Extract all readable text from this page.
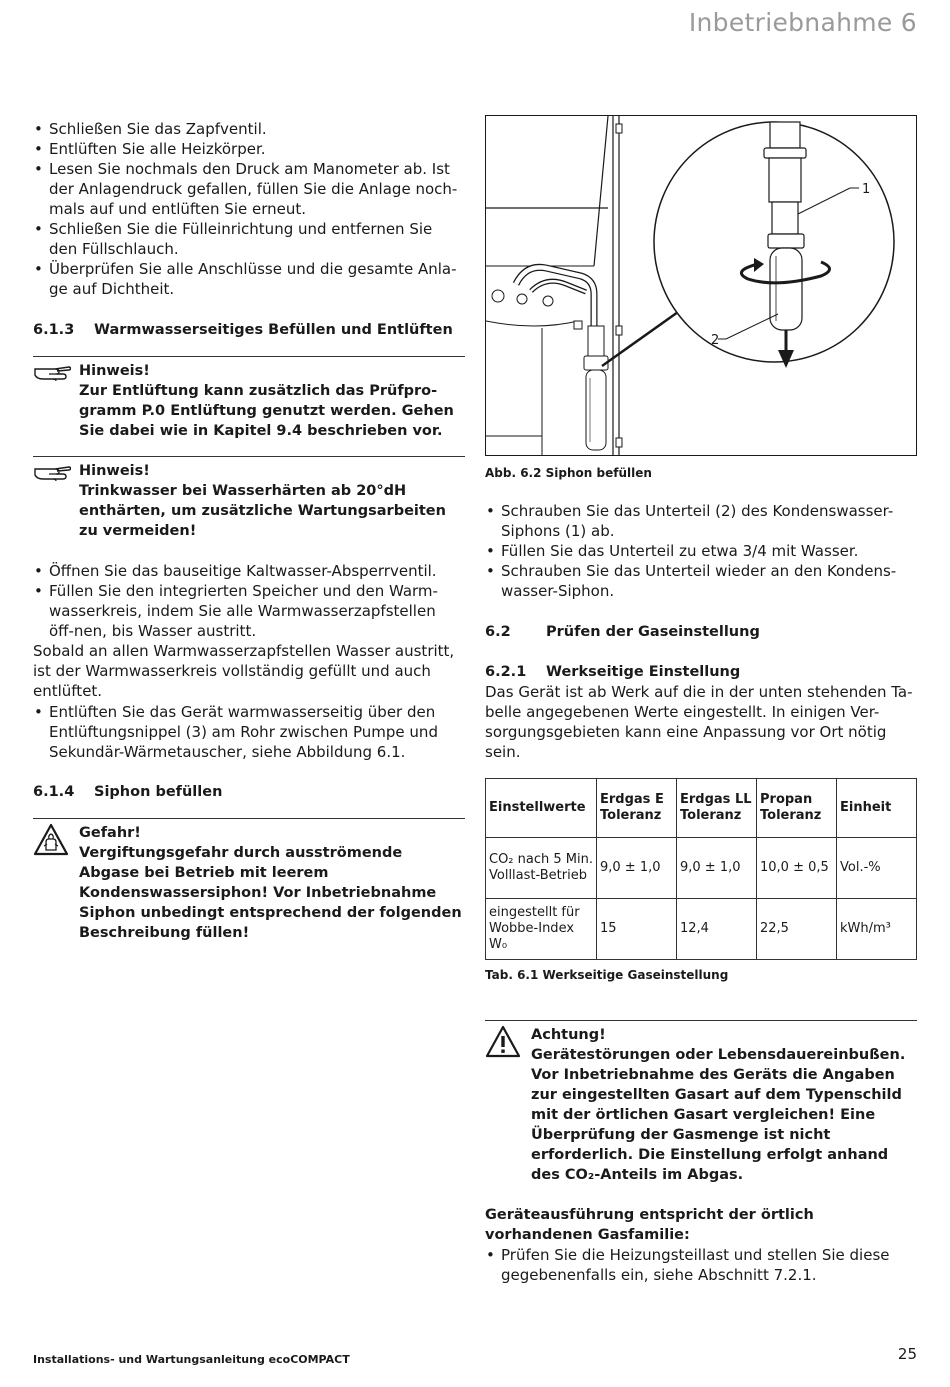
Inbetriebnahme 6
• Schließen Sie das Zapfventil.
• Entlüften Sie alle Heizkörper.
• Lesen Sie nochmals den Druck am Manometer ab. Ist der Anlagendruck gefallen, füllen Sie die Anlage noch-mals auf und entlüften Sie erneut.
• Schließen Sie die Fülleinrichtung und entfernen Sie den Füllschlauch.
• Überprüfen Sie alle Anschlüsse und die gesamte Anla-ge auf Dichtheit.
6.1.3 Warmwasserseitiges Befüllen und Entlüften
Hinweis!
Zur Entlüftung kann zusätzlich das Prüfpro-gramm P.0 Entlüftung genutzt werden. Gehen Sie dabei wie in Kapitel 9.4 beschrieben vor.
Hinweis!
Trinkwasser bei Wasserhärten ab 20°dH enthärten, um zusätzliche Wartungsarbeiten zu vermeiden!
• Öffnen Sie das bauseitige Kaltwasser-Absperrventil.
• Füllen Sie den integrierten Speicher und den Warm-wasserkreis, indem Sie alle Warmwasserzapfstellen öff-nen, bis Wasser austritt.
Sobald an allen Warmwasserzapfstellen Wasser austritt, ist der Warmwasserkreis vollständig gefüllt und auch entlüftet.
• Entlüften Sie das Gerät warmwasserseitig über den Entlüftungsnippel (3) am Rohr zwischen Pumpe und Sekundär-Wärmetauscher, siehe Abbildung 6.1.
6.1.4 Siphon befüllen
Gefahr!
Vergiftungsgefahr durch ausströmende Abgase bei Betrieb mit leerem Kondenswassersiphon! Vor Inbetriebnahme Siphon unbedingt entsprechend der folgenden Beschreibung füllen!
1
2
Abb. 6.2 Siphon befüllen
• Schrauben Sie das Unterteil (2) des Kondenswasser-Siphons (1) ab.
• Füllen Sie das Unterteil zu etwa 3/4 mit Wasser.
• Schrauben Sie das Unterteil wieder an den Kondens-wasser-Siphon.
6.2 Prüfen der Gaseinstellung
6.2.1 Werkseitige Einstellung
Das Gerät ist ab Werk auf die in der unten stehenden Ta-belle angegebenen Werte eingestellt. In einigen Ver-sorgungsgebieten kann eine Anpassung vor Ort nötig sein.
Einstellwerte	Erdgas E Toleranz	Erdgas LL Toleranz	Propan Toleranz	Einheit
CO₂ nach 5 Min. Volllast-Betrieb	9,0 ± 1,0	9,0 ± 1,0	10,0 ± 0,5	Vol.-%
eingestellt für Wobbe-Index W₀	15	12,4	22,5	kWh/m³
Tab. 6.1 Werkseitige Gaseinstellung
Achtung!
Gerätestörungen oder Lebensdauereinbußen. Vor Inbetriebnahme des Geräts die Angaben zur eingestellten Gasart auf dem Typenschild mit der örtlichen Gasart vergleichen! Eine Überprüfung der Gasmenge ist nicht erforderlich. Die Einstellung erfolgt anhand des CO₂-Anteils im Abgas.
Geräteausführung entspricht der örtlich vorhandenen Gasfamilie:
• Prüfen Sie die Heizungsteillast und stellen Sie diese gegebenenfalls ein, siehe Abschnitt 7.2.1.
Installations- und Wartungsanleitung ecoCOMPACT	25
